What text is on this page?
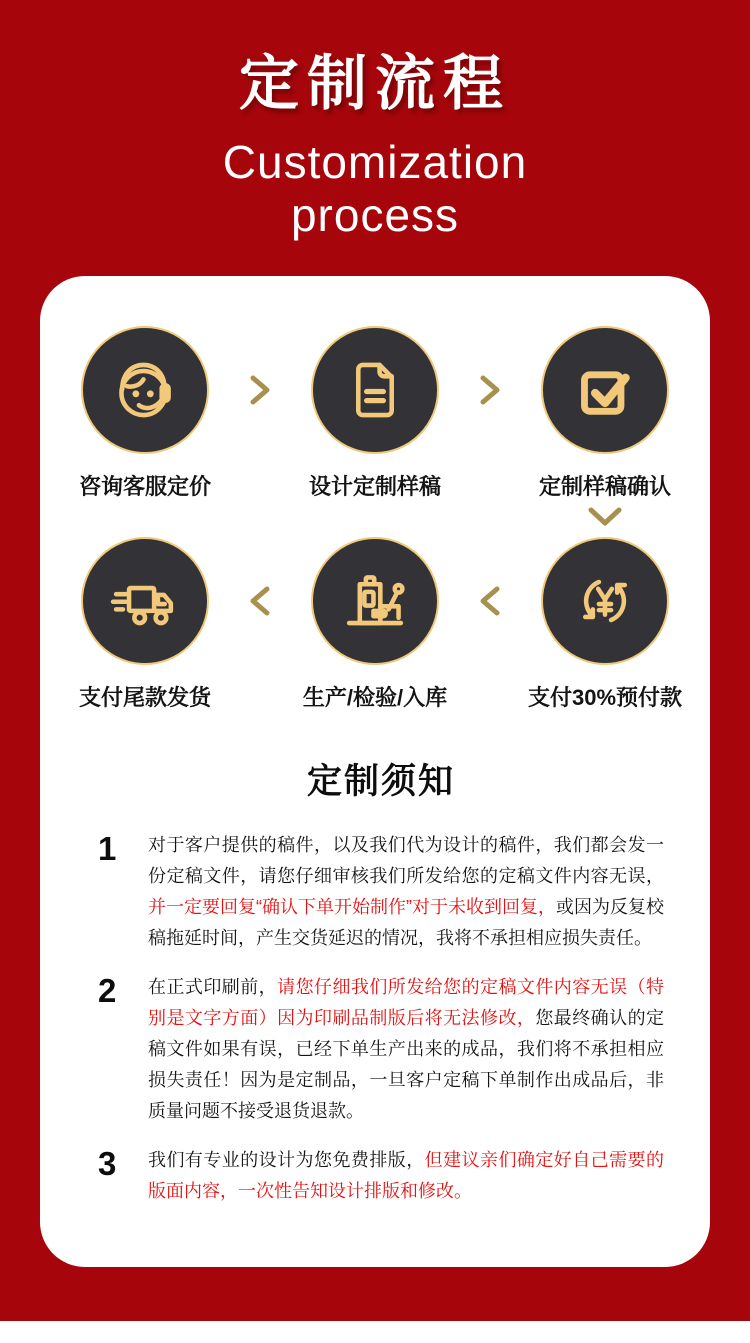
定制流程
Customization
process
咨询客服定价	设计定制样稿	定制样稿确认
支付尾款发货	生产/检验/入库	支付30%预付款
定制须知
1	对于客户提供的稿件，以及我们代为设计的稿件，我们都会发一份定稿文件，请您仔细审核我们所发给您的定稿文件内容无误，并一定要回复“确认下单开始制作”对于未收到回复，或因为反复校稿拖延时间，产生交货延迟的情况，我将不承担相应损失责任。
2	在正式印刷前，请您仔细我们所发给您的定稿文件内容无误（特别是文字方面）因为印刷品制版后将无法修改，您最终确认的定稿文件如果有误，已经下单生产出来的成品，我们将不承担相应损失责任！因为是定制品，一旦客户定稿下单制作出成品后，非质量问题不接受退货退款。
3	我们有专业的设计为您免费排版，但建议亲们确定好自己需要的版面内容，一次性告知设计排版和修改。
